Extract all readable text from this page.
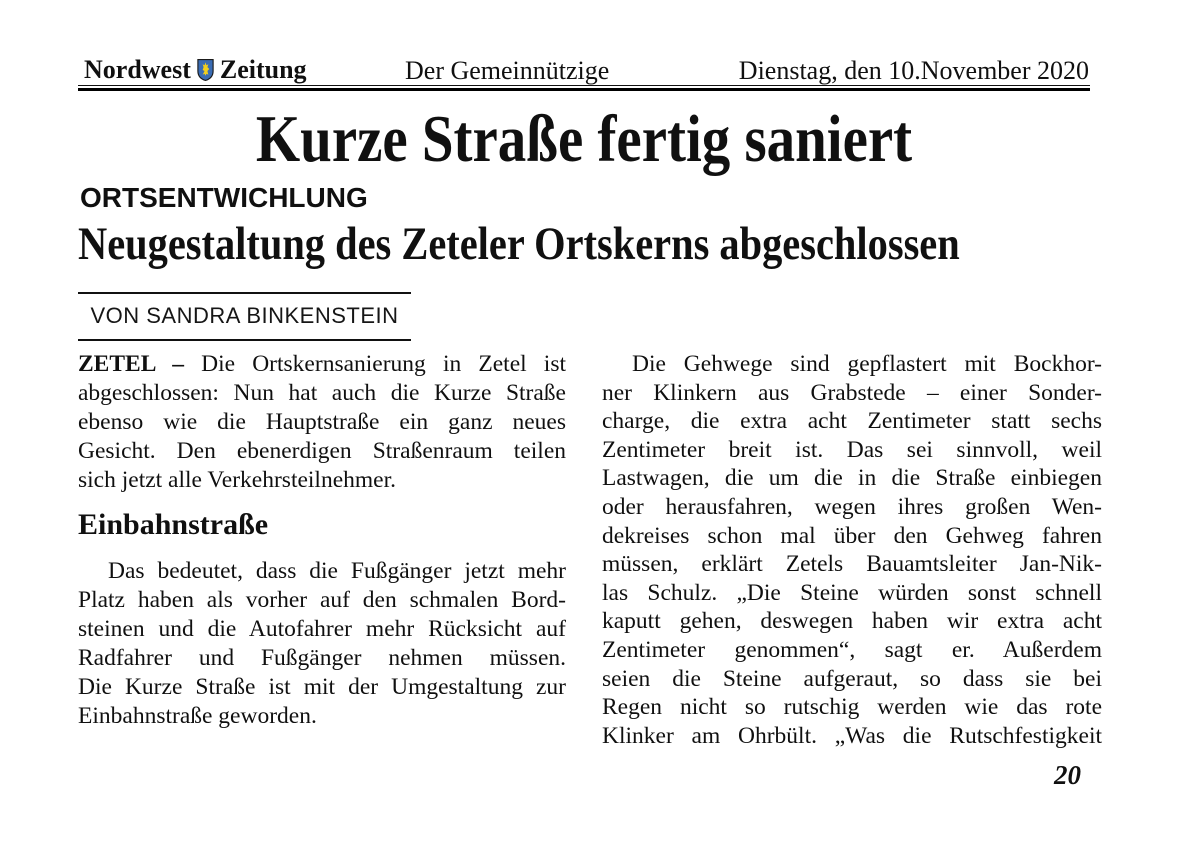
Nordwest Zeitung	Der Gemeinnützige	Dienstag, den 10.November 2020
Kurze Straße fertig saniert
ORTSENTWICHLUNG
Neugestaltung des Zeteler Ortskerns abgeschlossen
VON SANDRA BINKENSTEIN
ZETEL – Die Ortskernsanierung in Zetel ist
abgeschlossen: Nun hat auch die Kurze Straße
ebenso wie die Hauptstraße ein ganz neues
Gesicht. Den ebenerdigen Straßenraum teilen
sich jetzt alle Verkehrsteilnehmer.
Einbahnstraße
Das bedeutet, dass die Fußgänger jetzt mehr
Platz haben als vorher auf den schmalen Bord-
steinen und die Autofahrer mehr Rücksicht auf
Radfahrer und Fußgänger nehmen müssen.
Die Kurze Straße ist mit der Umgestaltung zur
Einbahnstraße geworden.
Die Gehwege sind gepflastert mit Bockhor-
ner Klinkern aus Grabstede – einer Sonder-
charge, die extra acht Zentimeter statt sechs
Zentimeter breit ist. Das sei sinnvoll, weil
Lastwagen, die um die in die Straße einbiegen
oder herausfahren, wegen ihres großen Wen-
dekreises schon mal über den Gehweg fahren
müssen, erklärt Zetels Bauamtsleiter Jan-Nik-
las Schulz. „Die Steine würden sonst schnell
kaputt gehen, deswegen haben wir extra acht
Zentimeter genommen“, sagt er. Außerdem
seien die Steine aufgeraut, so dass sie bei
Regen nicht so rutschig werden wie das rote
Klinker am Ohrbült. „Was die Rutschfestigkeit
20
